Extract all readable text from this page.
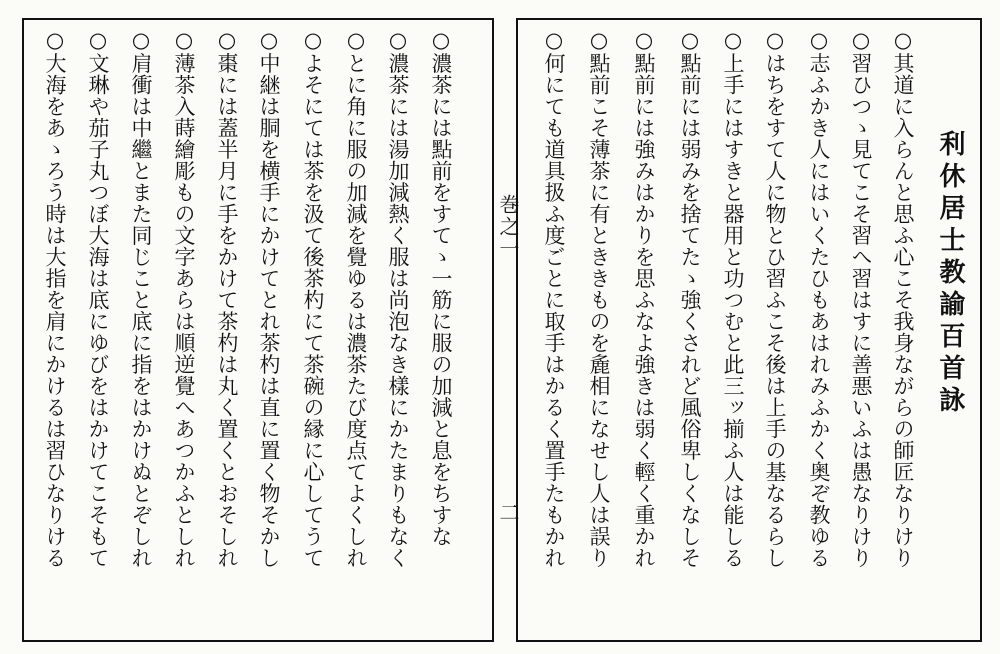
巻之一
二
利休居士教諭百首詠
○其道に入らんと思ふ心こそ我身ながらの師匠なりけり
○習ひつゝ見てこそ習へ習はすに善悪いふは愚なりけり
○志ふかき人にはいくたひもあはれみふかく奥ぞ教ゆる
○はちをすて人に物とひ習ふこそ後は上手の基なるらし
○上手にはすきと器用と功つむと此三ッ揃ふ人は能しる
○點前には弱みを捨てたゝ強くされど風俗卑しくなしそ
○點前には強みはかりを思ふなよ強きは弱く輕く重かれ
○點前こそ薄茶に有とききものを麁相になせし人は誤り
○何にても道具扱ふ度ごとに取手はかるく置手たもかれ
○濃茶には點前をすてゝ一筋に服の加減と息をちすな
○濃茶には湯加減熱く服は尚泡なき樣にかたまりもなく
○とに角に服の加減を覺ゆるは濃茶たび度点てよくしれ
○よそにては茶を汲て後茶杓にて茶碗の縁に心してうて
○中継は胴を横手にかけてとれ茶杓は直に置く物そかし
○棗には蓋半月に手をかけて茶杓は丸く置くとおそしれ
○薄茶入蒔繪彫もの文字あらは順逆覺へあつかふとしれ
○肩衝は中繼とまた同じこと底に指をはかけぬとぞしれ
○文琳や茄子丸つぼ大海は底にゆびをはかけてこそもて
○大海をあゝろう時は大指を肩にかけるは習ひなりける
